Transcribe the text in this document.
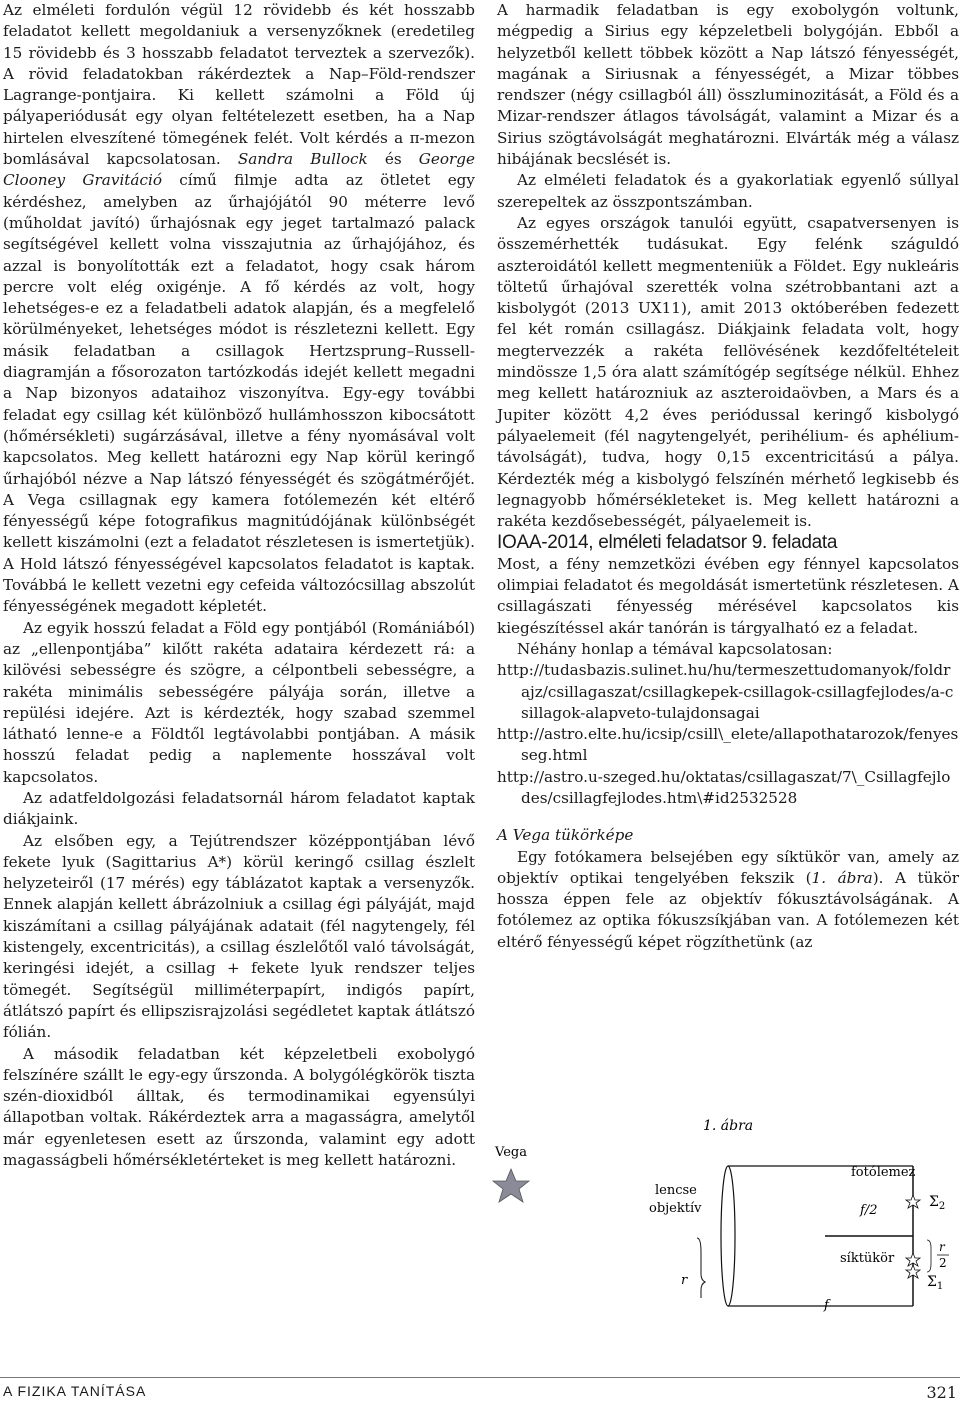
Az elméleti fordulón végül 12 rövidebb és két hosszabb feladatot kellett megoldaniuk a versenyzőknek (eredetileg 15 rövidebb és 3 hosszabb feladatot terveztek a szervezők). A rövid feladatokban rákérdeztek a Nap–Föld-rendszer Lagrange-pontjaira. Ki kellett számolni a Föld új pályaperiódusát egy olyan feltételezett esetben, ha a Nap hirtelen elveszítené tömegének felét. Volt kérdés a π-mezon bomlásával kapcsolatosan. Sandra Bullock és George Clooney Gravitáció című filmje adta az ötletet egy kérdéshez, amelyben az űrhajójától 90 méterre levő (műholdat javító) űrhajósnak egy jeget tartalmazó palack segítségével kellett volna visszajutnia az űrhajójához, és azzal is bonyolították ezt a feladatot, hogy csak három percre volt elég oxigénje. A fő kérdés az volt, hogy lehetséges-e ez a feladatbeli adatok alapján, és a megfelelő körülményeket, lehetséges módot is részletezni kellett. Egy másik feladatban a csillagok Hertzsprung–Russell-diagramján a fősorozaton tartózkodás idejét kellett megadni a Nap bizonyos adataihoz viszonyítva. Egy-egy további feladat egy csillag két különböző hullámhosszon kibocsátott (hőmérsékleti) sugárzásával, illetve a fény nyomásával volt kapcsolatos. Meg kellett határozni egy Nap körül keringő űrhajóból nézve a Nap látszó fényességét és szögátmérőjét. A Vega csillagnak egy kamera fotólemezén két eltérő fényességű képe fotografikus magnitúdójának különbségét kellett kiszámolni (ezt a feladatot részletesen is ismertetjük). A Hold látszó fényességével kapcsolatos feladatot is kaptak. Továbbá le kellett vezetni egy cefeida változócsillag abszolút fényességének megadott képletét.

Az egyik hosszú feladat a Föld egy pontjából (Romániából) az „ellenpontjába” kilőtt rakéta adataira kérdezett rá: a kilövési sebességre és szögre, a célpontbeli sebességre, a rakéta minimális sebességére pályája során, illetve a repülési idejére. Azt is kérdezték, hogy szabad szemmel látható lenne-e a Földtől legtávolabbi pontjában. A másik hosszú feladat pedig a naplemente hosszával volt kapcsolatos.

Az adatfeldolgozási feladatsornál három feladatot kaptak diákjaink.

Az elsőben egy, a Tejútrendszer középpontjában lévő fekete lyuk (Sagittarius A*) körül keringő csillag észlelt helyzeteiről (17 mérés) egy táblázatot kaptak a versenyzők. Ennek alapján kellett ábrázolniuk a csillag égi pályáját, majd kiszámítani a csillag pályájának adatait (fél nagytengely, fél kistengely, excentricitás), a csillag észlelőtől való távolságát, keringési idejét, a csillag + fekete lyuk rendszer teljes tömegét. Segítségül milliméterpapírt, indigós papírt, átlátszó papírt és ellipszisrajzolási segédletet kaptak átlátszó fólián.

A második feladatban két képzeletbeli exobolygó felszínére szállt le egy-egy űrszonda. A bolygólégkörök tiszta szén-dioxidból álltak, és termodinamikai egyensúlyi állapotban voltak. Rákérdeztek arra a magasságra, amelytől már egyenletesen esett az űrszonda, valamint egy adott magasságbeli hőmérsékletérteket is meg kellett határozni.

A harmadik feladatban is egy exobolygón voltunk, mégpedig a Sirius egy képzeletbeli bolygóján. Ebből a helyzetből kellett többek között a Nap látszó fényességét, magának a Siriusnak a fényességét, a Mizar többes rendszer (négy csillagból áll) összluminozitását, a Föld és a Mizar-rendszer átlagos távolságát, valamint a Mizar és a Sirius szögtávolságát meghatározni. Elvárták még a válasz hibájának becslését is.

Az elméleti feladatok és a gyakorlatiak egyenlő súllyal szerepeltek az összpontszámban.

Az egyes országok tanulói együtt, csapatversenyen is összemérhették tudásukat. Egy felénk száguldó aszteroidától kellett megmenteniük a Földet. Egy nukleáris töltetű űrhajóval szerették volna szétrobbantani azt a kisbolygót (2013 UX11), amit 2013 októberében fedezett fel két román csillagász. Diákjaink feladata volt, hogy megtervezzék a rakéta fellövésének kezdőfeltételeit mindössze 1,5 óra alatt számítógép segítsége nélkül. Ehhez meg kellett határozniuk az aszteroidaövben, a Mars és a Jupiter között 4,2 éves periódussal keringő kisbolygó pályaelemeit (fél nagytengelyét, perihélium- és aphélium-távolságát), tudva, hogy 0,15 excentricitású a pálya. Kérdezték még a kisbolygó felszínén mérhető legkisebb és legnagyobb hőmérsékleteket is. Meg kellett határozni a rakéta kezdősebességét, pályaelemeit is.

IOAA-2014, elméleti feladatsor 9. feladata

Most, a fény nemzetközi évében egy fénnyel kapcsolatos olimpiai feladatot és megoldását ismertetünk részletesen. A csillagászati fényesség mérésével kapcsolatos kis kiegészítéssel akár tanórán is tárgyalható ez a feladat.

Néhány honlap a témával kapcsolatosan:

http://tudasbazis.sulinet.hu/hu/termeszettudomanyok/foldrajz/csillagaszat/csillagkepek-csillagok-csillagfejlodes/a-csillagok-alapveto-tulajdonsagai

http://astro.elte.hu/icsip/csill\_elete/allapothatarozok/fenyesseg.html

http://astro.u-szeged.hu/oktatas/csillagaszat/7\_Csillagfejlodes/csillagfejlodes.htm\#id2532528

A Vega tükörképe

Egy fotókamera belsejében egy síktükör van, amely az objektív optikai tengelyében fekszik (1. ábra). A tükör hossza éppen fele az objektív fókusztávolságának. A fotólemez az optika fókuszsíkjában van. A fotólemezen két eltérő fényességű képet rögzíthetünk (az

1. ábra
Vega
lencse
objektív
fotólemez
f/2
síktükör
r
f
$\Sigma_2$
$\Sigma_1$
r
2
A FIZIKA TANÍTÁSA	321
